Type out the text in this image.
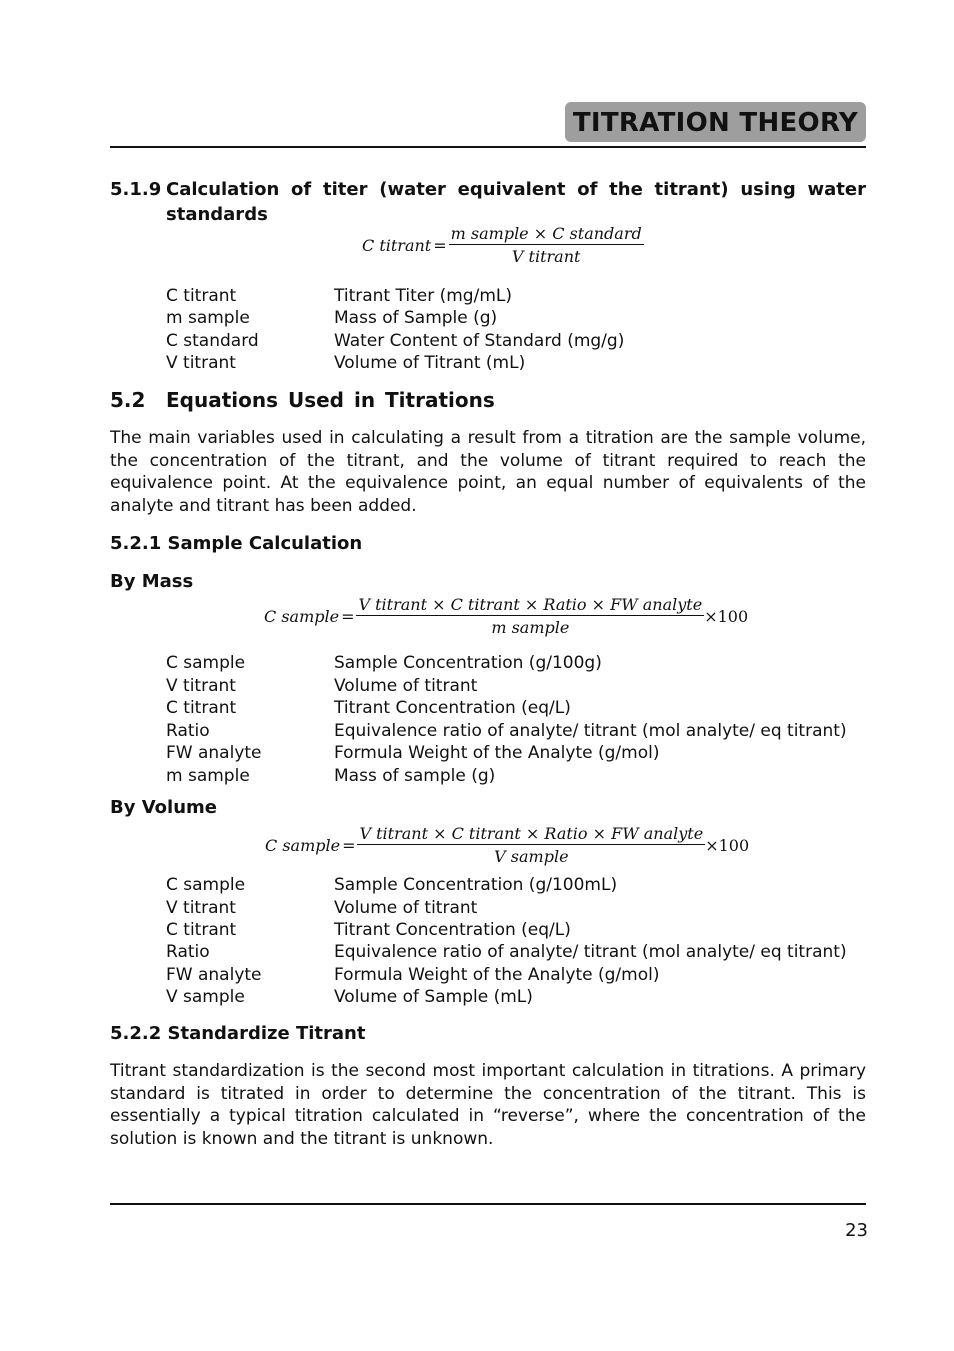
TITRATION THEORY
5.1.9 Calculation of titer (water equivalent of the titrant) using water
standards
C titrant = $\frac{\text{m sample × C standard}}{\text{V titrant}}$
C titrant	Titrant Titer (mg/mL)
m sample	Mass of Sample (g)
C standard	Water Content of Standard (mg/g)
V titrant	Volume of Titrant (mL)
5.2 Equations Used in Titrations
The main variables used in calculating a result from a titration are the sample volume, the concentration of the titrant, and the volume of titrant required to reach the equivalence point. At the equivalence point, an equal number of equivalents of the analyte and titrant has been added.
5.2.1 Sample Calculation
By Mass
C sample = $\frac{\text{V titrant × C titrant × Ratio × FW analyte}}{\text{m sample}} \times 100$
C sample	Sample Concentration (g/100g)
V titrant	Volume of titrant
C titrant	Titrant Concentration (eq/L)
Ratio	Equivalence ratio of analyte/ titrant (mol analyte/ eq titrant)
FW analyte	Formula Weight of the Analyte (g/mol)
m sample	Mass of sample (g)
By Volume
C sample = $\frac{\text{V titrant × C titrant × Ratio × FW analyte}}{\text{V sample}} \times 100$
C sample	Sample Concentration (g/100mL)
V titrant	Volume of titrant
C titrant	Titrant Concentration (eq/L)
Ratio	Equivalence ratio of analyte/ titrant (mol analyte/ eq titrant)
FW analyte	Formula Weight of the Analyte (g/mol)
V sample	Volume of Sample (mL)
5.2.2 Standardize Titrant
Titrant standardization is the second most important calculation in titrations. A primary standard is titrated in order to determine the concentration of the titrant. This is essentially a typical titration calculated in “reverse”, where the concentration of the solution is known and the titrant is unknown.
23
